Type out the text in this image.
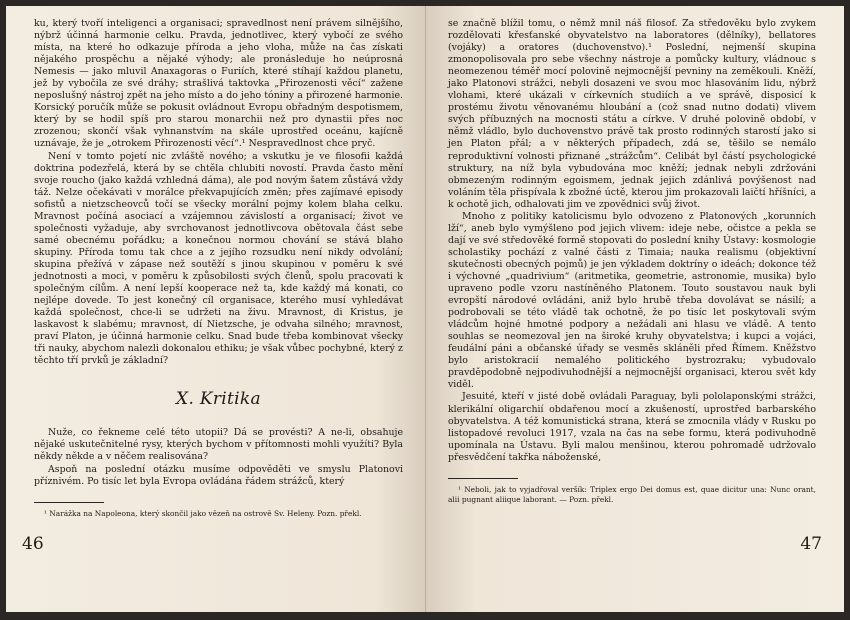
ku, který tvoří inteligenci a organisaci; spravedlnost není právem silnějšího, nýbrž účinná harmonie celku. Pravda, jednotlivec, který vybočí ze svého místa, na které ho odkazuje příroda a jeho vloha, může na čas získati nějakého prospěchu a nějaké výhody; ale pronásleduje ho neúprosná Nemesis — jako mluvil Anaxagoras o Furiích, které stíhají každou planetu, jež by vybočila ze své dráhy; strašlivá taktovka „Přirozenosti věcí“ zažene neposlušný nástroj zpět na jeho místo a do jeho tóniny a přirozené harmonie. Korsický poručík může se pokusit ovládnout Evropu obřadným despotismem, který by se hodil spíš pro starou monarchii než pro dynastii přes noc zrozenou; skončí však vyhnanstvím na skále uprostřed oceánu, kajícně uznávaje, že je „otrokem Přirozenosti věcí“.¹ Nespravedlnost chce pryč.

Není v tomto pojetí nic zvláště nového; a vskutku je ve filosofii každá doktrina podezřelá, která by se chtěla chlubiti novostí. Pravda často mění svoje roucho (jako každá vzhledná dáma), ale pod novým šatem zůstává vždy táž. Nelze očekávati v morálce překvapujících změn; přes zajímavé episody sofistů a nietzscheovců točí se všecky morální pojmy kolem blaha celku. Mravnost počíná asociací a vzájemnou závislostí a organisací; život ve společnosti vyžaduje, aby svrchovanost jednotlivcova obětovala část sebe samé obecnému pořádku; a konečnou normou chování se stává blaho skupiny. Příroda tomu tak chce a z jejího rozsudku není nikdy odvolání; skupina přežívá v zápase než soutěží s jinou skupinou v poměru k své jednotnosti a moci, v poměru k způsobilosti svých členů, spolu pracovati k společným cílům. A není lepší kooperace než ta, kde každý má konati, co nejlépe dovede. To jest konečný cíl organisace, kterého musí vyhledávat každá společnost, chce-li se udržeti na živu. Mravnost, di Kristus, je laskavost k slabému; mravnost, dí Nietzsche, je odvaha silného; mravnost, praví Platon, je účinná harmonie celku. Snad bude třeba kombinovat všecky tři nauky, abychom nalezli dokonalou ethiku; je však vůbec pochybné, který z těchto tří prvků je základní?

X. Kritika

Nuže, co řekneme celé této utopii? Dá se provésti? A ne-li, obsahuje nějaké uskutečnitelné rysy, kterých bychom v přítomnosti mohli využíti? Byla někdy někde a v něčem realisována?

Aspoň na poslední otázku musíme odpověděti ve smyslu Platonovi příznivém. Po tisíc let byla Evropa ovládána řádem strážců, který

¹ Narážka na Napoleona, který skončil jako vězeň na ostrově Sv. Heleny. Pozn. překl.
46

se značně blížil tomu, o němž mnil náš filosof. Za středověku bylo zvykem rozdělovati křesťanské obyvatelstvo na laboratores (dělníky), bellatores (vojáky) a oratores (duchovenstvo).¹ Poslední, nejmenší skupina zmonopolisovala pro sebe všechny nástroje a pomůcky kultury, vládnouc s neomezenou téměř mocí polovině nejmocnější pevniny na zeměkouli. Kněží, jako Platonovi strážci, nebyli dosazeni ve svou moc hlasováním lidu, nýbrž vlohami, které ukázali v církevních studiích a ve správě, disposicí k prostému životu věnovanému hloubání a (což snad nutno dodati) vlivem svých příbuzných na mocnosti státu a církve. V druhé polovině období, v němž vládlo, bylo duchovenstvo právě tak prosto rodinných starostí jako si jen Platon přál; a v některých případech, zdá se, těšilo se nemálo reproduktivní volnosti přiznané „strážcům“. Celibát byl částí psychologické struktury, na níž byla vybudována moc kněží; jednak nebyli zdržováni obmezeným rodinným egoismem, jednak jejich zdánlivá povýšenost nad voláním těla přispívala k zbožné úctě, kterou jim prokazovali laičtí hříšníci, a k ochotě jich, odhalovati jim ve zpovědnici svůj život.

Mnoho z politiky katolicismu bylo odvozeno z Platonových „korunních lží“, aneb bylo vymýšleno pod jejich vlivem: ideje nebe, očistce a pekla se dají ve své středověké formě stopovati do poslední knihy Ústavy: kosmologie scholastiky pochází z valné části z Timaia; nauka realismu (objektivní skutečnosti obecných pojmů) je jen výkladem doktríny o ideách; dokonce též i výchovné „quadrivium“ (aritmetika, geometrie, astronomie, musika) bylo upraveno podle vzoru nastíněného Platonem. Touto soustavou nauk byli evropští národové ovládáni, aniž bylo hrubě třeba dovolávat se násilí; a podrobovali se této vládě tak ochotně, že po tisíc let poskytovali svým vládcům hojné hmotné podpory a nežádali ani hlasu ve vládě. A tento souhlas se neomezoval jen na široké kruhy obyvatelstva; i kupci a vojáci, feudální páni a občanské úřady se vesměs skláněli před Římem. Kněžstvo bylo aristokracií nemalého politického bystrozraku; vybudovalo pravděpodobně nejpodivuhodnější a nejmocnější organisaci, kterou svět kdy viděl.

Jesuité, kteří v jisté době ovládali Paraguay, byli pololaponskými strážci, klerikální oligarchií obdařenou mocí a zkušeností, uprostřed barbarského obyvatelstva. A též komunistická strana, která se zmocnila vlády v Rusku po listopadové revoluci 1917, vzala na čas na sebe formu, která podivuhodně upomínala na Ústavu. Byli malou menšinou, kterou pohromadě udržovalo přesvědčení takřka náboženské,

¹ Neboli, jak to vyjadřoval veršík: Triplex ergo Dei domus est, quae dicitur una: Nunc orant, alii pugnant aliique laborant. — Pozn. překl.
47
